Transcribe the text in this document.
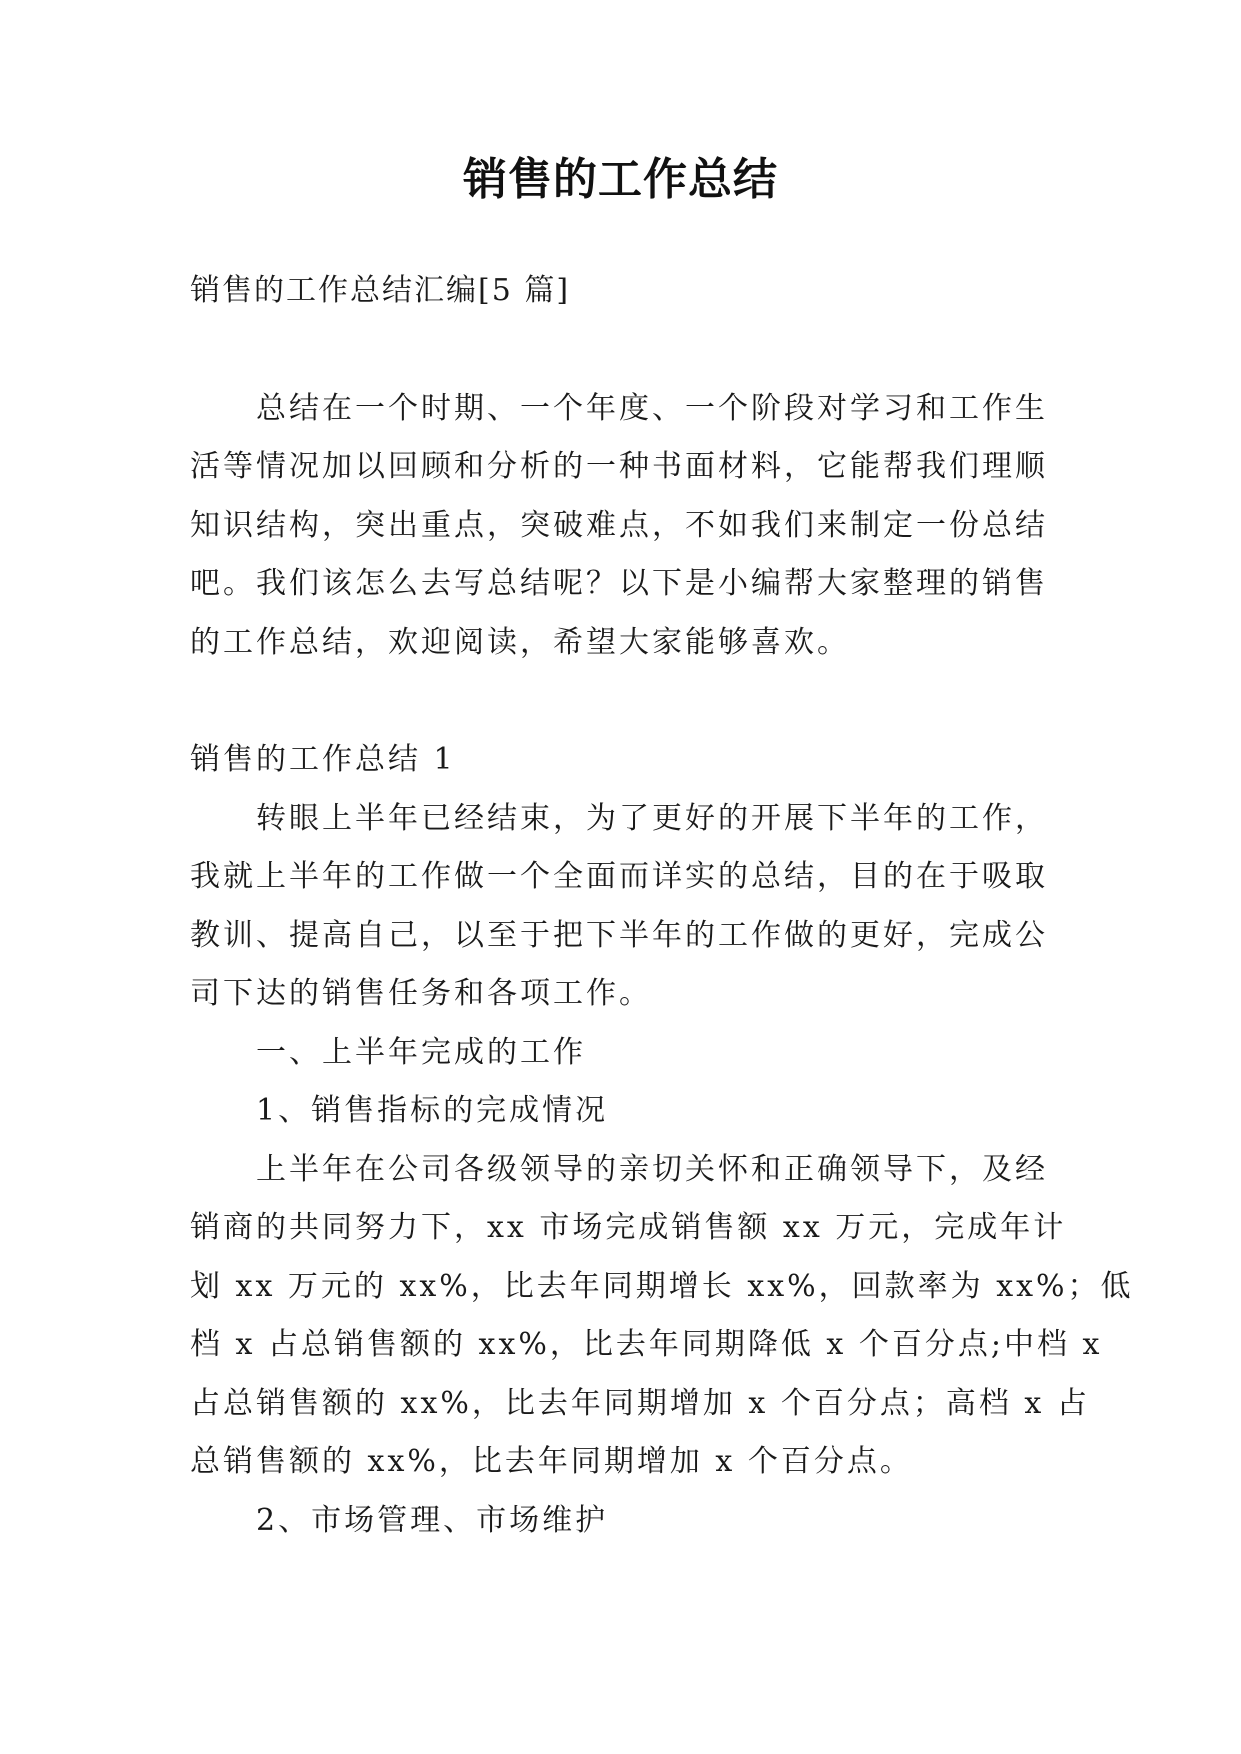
销售的工作总结
销售的工作总结汇编[5 篇]
总结在一个时期、一个年度、一个阶段对学习和工作生
活等情况加以回顾和分析的一种书面材料，它能帮我们理顺
知识结构，突出重点，突破难点，不如我们来制定一份总结
吧。我们该怎么去写总结呢？以下是小编帮大家整理的销售
的工作总结，欢迎阅读，希望大家能够喜欢。
销售的工作总结 1
转眼上半年已经结束，为了更好的开展下半年的工作，
我就上半年的工作做一个全面而详实的总结，目的在于吸取
教训、提高自己，以至于把下半年的工作做的更好，完成公
司下达的销售任务和各项工作。
一、上半年完成的工作
1、销售指标的完成情况
上半年在公司各级领导的亲切关怀和正确领导下，及经
销商的共同努力下，xx 市场完成销售额 xx 万元，完成年计
划 xx 万元的 xx%，比去年同期增长 xx%，回款率为 xx%；低
档 x 占总销售额的 xx%，比去年同期降低 x 个百分点;中档 x
占总销售额的 xx%，比去年同期增加 x 个百分点；高档 x 占
总销售额的 xx%，比去年同期增加 x 个百分点。
2、市场管理、市场维护
